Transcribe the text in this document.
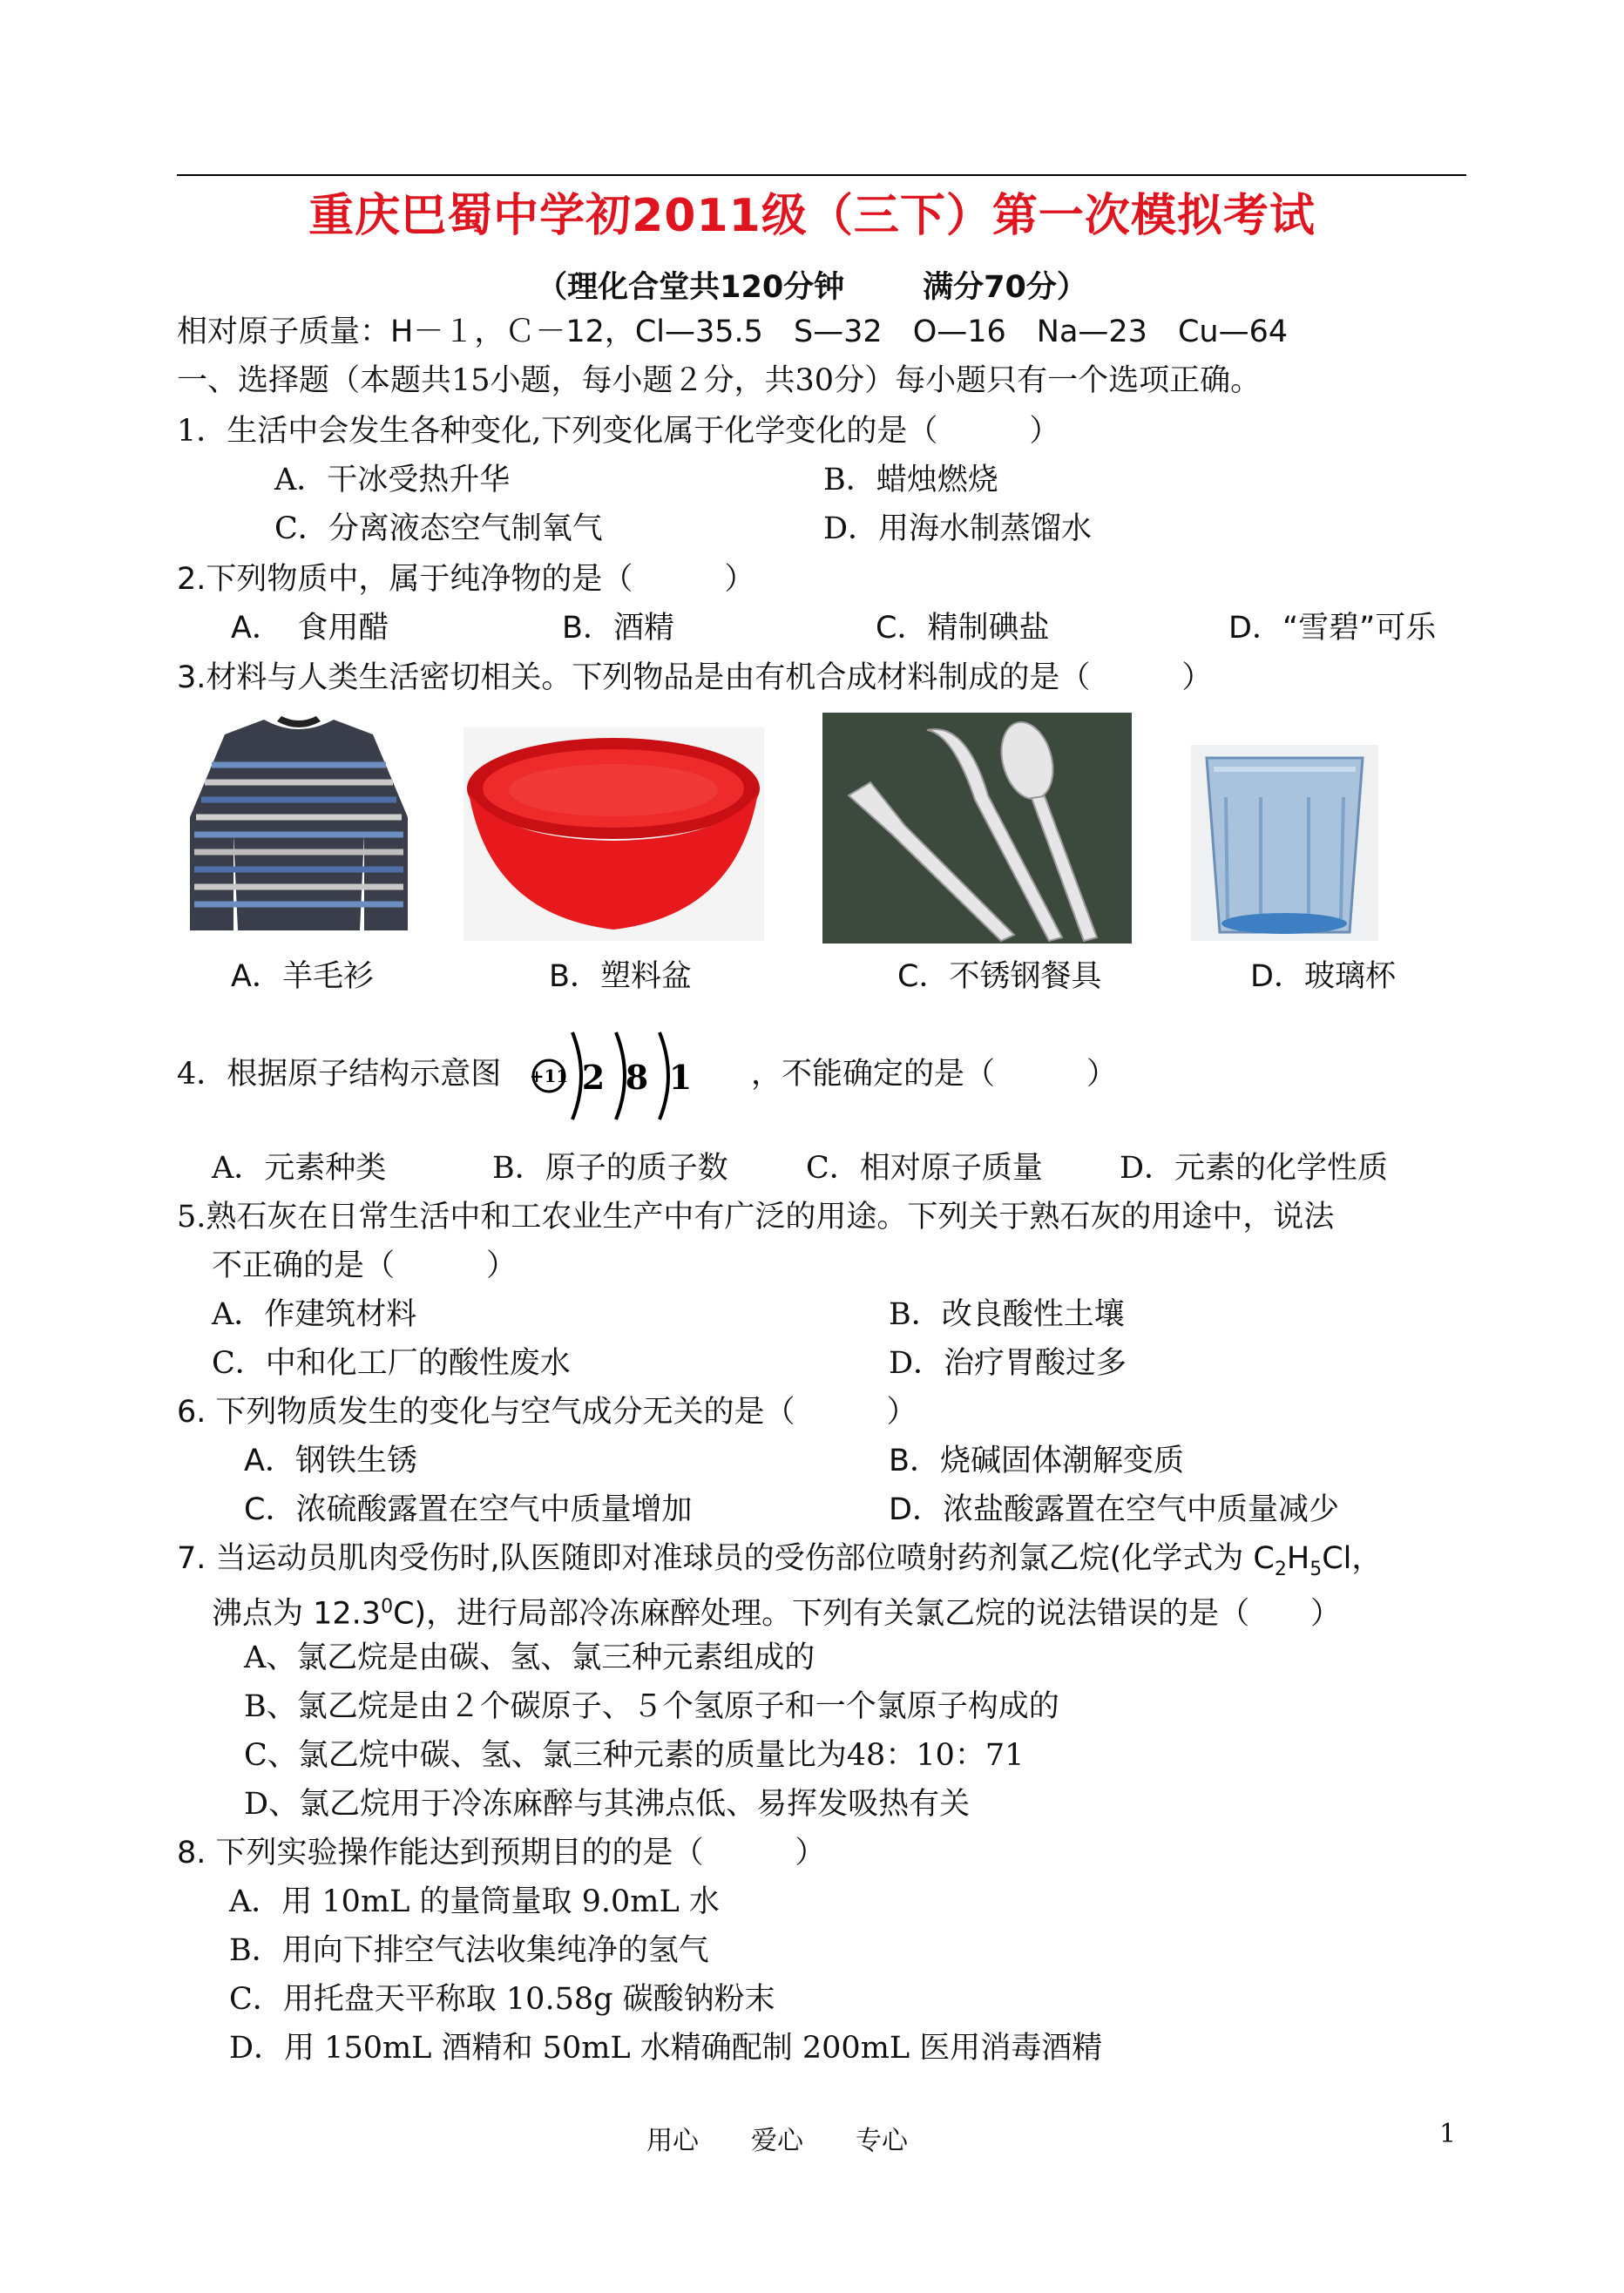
重庆巴蜀中学初2011级（三下）第一次模拟考试
（理化合堂共120分钟	满分70分）
相对原子质量：H－１，Ｃ－12，Cl—35.5　S—32　O—16　Na—23　Cu—64
一、选择题（本题共15小题，每小题２分，共30分）每小题只有一个选项正确。
1．生活中会发生各种变化,下列变化属于化学变化的是（　　　）
A．干冰受热升华	B．蜡烛燃烧
C．分离液态空气制氧气	D．用海水制蒸馏水
2.下列物质中，属于纯净物的是（　　　）
A．　食用醋	B．酒精	C．精制碘盐	D．“雪碧”可乐
3.材料与人类生活密切相关。下列物品是由有机合成材料制成的是（　　　）
A．羊毛衫	B．塑料盆	C．不锈钢餐具	D．玻璃杯
4．根据原子结构示意图 +11 2 8 1 ，不能确定的是（　　　）
A．元素种类	B．原子的质子数	C．相对原子质量	D．元素的化学性质
5.熟石灰在日常生活中和工农业生产中有广泛的用途。下列关于熟石灰的用途中，说法
不正确的是（　　　）
A．作建筑材料	B．改良酸性土壤
C．中和化工厂的酸性废水	D．治疗胃酸过多
6. 下列物质发生的变化与空气成分无关的是（　　　）
A．钢铁生锈	B．烧碱固体潮解变质
C．浓硫酸露置在空气中质量增加	D．浓盐酸露置在空气中质量减少
7. 当运动员肌肉受伤时,队医随即对准球员的受伤部位喷射药剂氯乙烷(化学式为 $C_2H_5Cl$，
沸点为 12.3$^0$C)，进行局部冷冻麻醉处理。下列有关氯乙烷的说法错误的是（　　）
A、氯乙烷是由碳、氢、氯三种元素组成的
B、氯乙烷是由２个碳原子、５个氢原子和一个氯原子构成的
C、氯乙烷中碳、氢、氯三种元素的质量比为48：10：71
D、氯乙烷用于冷冻麻醉与其沸点低、易挥发吸热有关
8. 下列实验操作能达到预期目的的是（　　　）
A．用 10mL 的量筒量取 9.0mL 水
B．用向下排空气法收集纯净的氢气
C．用托盘天平称取 10.58g 碳酸钠粉末
D．用 150mL 酒精和 50mL 水精确配制 200mL 医用消毒酒精
用心　　爱心　　专心	1
